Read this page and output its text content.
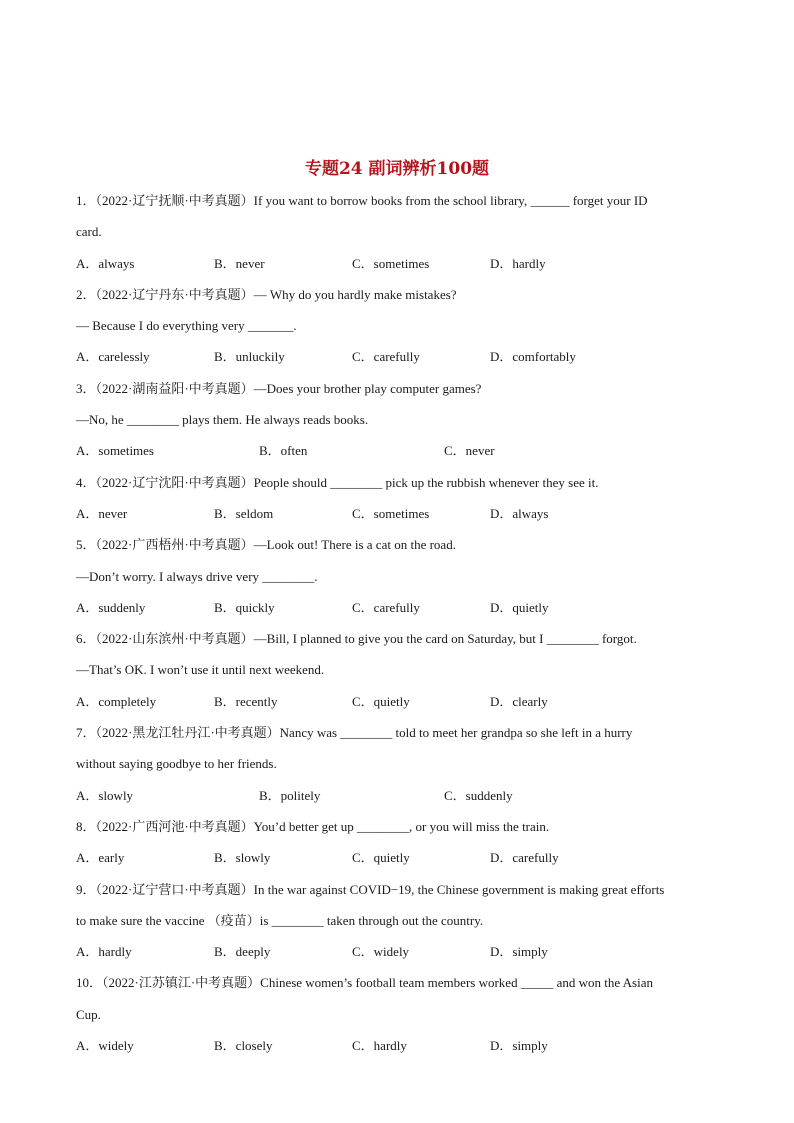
专题24 副词辨析100题
1．（2022·辽宁抚顺·中考真题）If you want to borrow books from the school library, ______ forget your ID
card.
A．always	B．never	C．sometimes	D．hardly
2．（2022·辽宁丹东·中考真题）— Why do you hardly make mistakes?
— Because I do everything very _______.
A．carelessly	B．unluckily	C．carefully	D．comfortably
3．（2022·湖南益阳·中考真题）—Does your brother play computer games?
—No, he ________ plays them. He always reads books.
A．sometimes	B．often	C．never
4．（2022·辽宁沈阳·中考真题）People should ________ pick up the rubbish whenever they see it.
A．never	B．seldom	C．sometimes	D．always
5．（2022·广西梧州·中考真题）—Look out! There is a cat on the road.
—Don’t worry. I always drive very ________.
A．suddenly	B．quickly	C．carefully	D．quietly
6．（2022·山东滨州·中考真题）—Bill, I planned to give you the card on Saturday, but I ________ forgot.
—That’s OK. I won’t use it until next weekend.
A．completely	B．recently	C．quietly	D．clearly
7．（2022·黑龙江牡丹江·中考真题）Nancy was ________ told to meet her grandpa so she left in a hurry
without saying goodbye to her friends.
A．slowly	B．politely	C．suddenly
8．（2022·广西河池·中考真题）You’d better get up ________, or you will miss the train.
A．early	B．slowly	C．quietly	D．carefully
9．（2022·辽宁营口·中考真题）In the war against COVID−19, the Chinese government is making great efforts
to make sure the vaccine （疫苗）is ________ taken through out the country.
A．hardly	B．deeply	C．widely	D．simply
10．（2022·江苏镇江·中考真题）Chinese women’s football team members worked _____ and won the Asian
Cup.
A．widely	B．closely	C．hardly	D．simply
